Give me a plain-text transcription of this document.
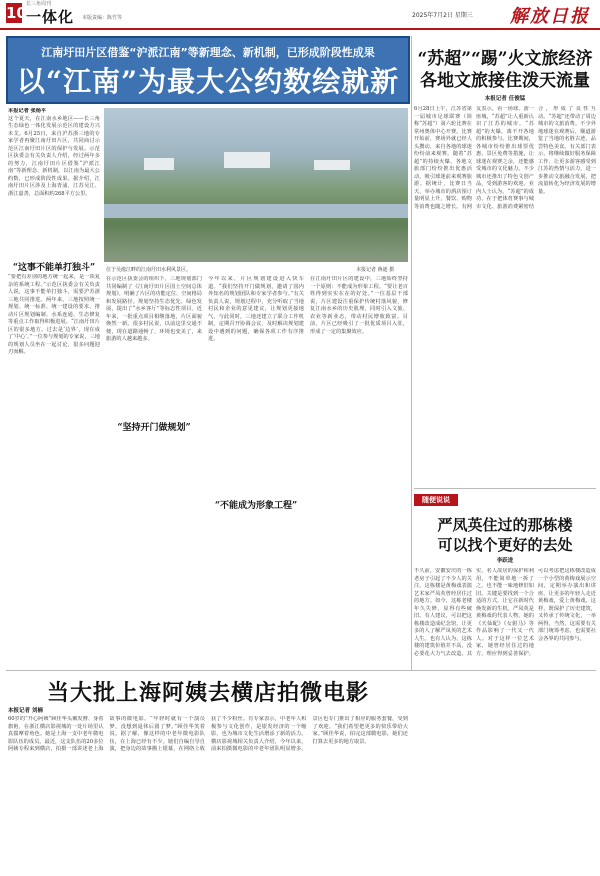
10 长三角周刊
一体化 本版责编：陈竹等	2025年7月2日 星期三 解放日报
江南圩田片区借鉴“沪派江南”等新理念、新机制，已形成阶段性成果
以“江南”为最大公约数绘就新
位于吴淞江畔的江南圩田水利风景区。	本报记者 蒋迪 摄
本报记者 张杨平
这个夏天，在江南水乡地区——长三角生态绿色一体化发展示范区的建设方兴未艾。6月25日，来自沪苏浙三地的专家学者再聚江南圩田片区，共同商讨示范区江南圩田片区的保护与发展。示范区执委会有关负责人介绍，经过两年多的努力，江南圩田片区借鉴“沪派江南”等新理念、新机制，以江南为最大公约数，已形成阶段性成果。据介绍，江南圩田片区涉及上海青浦、江苏吴江、浙江嘉善，总面积约268平方公里。
“这事不能单打独斗”
“要把有差别的地方统一起来，是一项复杂的系统工程。”示范区执委会有关负责人说，这事不能单打独斗，需要沪苏浙三地共同推进。两年来，三地按照统一规划、统一标准、统一建设的要求，推动片区规划编制、水系连通、生态修复等重点工作取得积极进展。“江南圩田片区的很多地方，过去是‘边界’，现在成了‘中心’。”一位参与规划的专家说，三地的规划人员坐在一起讨论，很多问题迎刃而解。
在示范区执委会的组织下，三地规划部门共同编制了《江南圩田片区国土空间总体规划》，明确了片区的功能定位、空间格局和发展路径。规划坚持生态优先、绿色发展，提出了“水乡客厅”等标志性项目。近年来，一批重点项目相继落地，片区面貌焕然一新。很多村民说，以前这里交通不便，现在道路通畅了，环境也变美了，来旅游的人越来越多。
“坚持开门做规划”
今年以来，片区规划建设进入快车道。“我们坚持开门做规划，邀请了国内外知名的规划团队和专家学者参与。”有关负责人说，规划过程中，充分听取了当地村民和企业的意见建议，让规划更接地气。与此同时，三地还建立了联合工作机制，定期召开协调会议，及时解决规划建设中遇到的问题，确保各项工作有序推进。
“不能成为形象工程”
在江南圩田片区的建设中，三地始终坚持一个原则：不能成为形象工程。“要让老百姓得到实实在在的好处。”一位基层干部说，片区建设注重保护传统村落风貌，修复江南水乡的历史肌理，同时引入文旅、农业等新业态，带动村民增收致富。目前，片区已经吸引了一批优质项目入驻，形成了一定的集聚效应。
“苏超”“踢”火文旅经济
各地文旅接住泼天流量
本报记者 任俊锰
6月28日上午，江苏省第一届城市足球联赛（简称“苏超”）第六轮比赛在常州奥体中心开赛。比赛开始前，赛场外就已经人头攒动，来自各地的球迷纷纷前来观赛。随着“苏超”的持续火爆，各地文旅部门纷纷推出优惠活动，吸引球迷前来观赛旅游。据统计，比赛日当天，举办城市的酒店预订量明显上升，餐饮、购物等消费也随之增长。有网友表示，看一场球，游一座城，“苏超”让人重新认识了江苏的城市。“苏超”的火爆，离不开各地的积极参与。比赛期间，各城市纷纷推出球票优惠、景区免费等措施，让球迷在观赛之余，还能感受城市的文化魅力。不少城市还推出了特色文创产品，受到游客的欢迎。业内人士认为，“苏超”的成功，在于把体育赛事与城市文化、旅游消费紧密结合，形成了良性互动。“苏超”还带动了周边城市的文旅消费。不少外地球迷在观赛后，顺道游览了当地的名胜古迹，品尝特色美食。有关部门表示，将继续做好服务保障工作，让更多游客感受到江苏的热情与活力，进一步推动文旅融合发展，把流量转化为经济发展的增量。
随便说说
严凤英住过的那栋楼
可以找个更好的去处
李跃进
不久前，安徽安庆的一栋老房子引起了不少人的关注。这栋楼是黄梅戏表演艺术家严凤英曾经居住过的地方。如今，这栋老楼年久失修，显得有些破旧。有人建议，可以把这栋楼改造成纪念馆，让更多的人了解严凤英的艺术人生。也有人认为，这栋楼的建筑价值并不高，没必要花大力气去改造。其实，名人故居的保护和利用，不能简单地一拆了之，也不能一味地修旧如旧。关键是要找到一个合适的方式，让它在新时代焕发新的生机。严凤英是黄梅戏的代表人物，她的《天仙配》《女驸马》等作品影响了一代又一代人。对于这样一位艺术家，她曾经居住过的地方，理应得到妥善保护。可以考虑把这栋楼改造成一个小型的黄梅戏展示空间，定期举办演出和讲座，让更多的年轻人走近黄梅戏，爱上黄梅戏。这样，既保护了历史建筑，又传承了传统文化，一举两得。当然，这需要有关部门统筹考虑，也需要社会各界的共同参与。
当大批上海阿姨去横店拍微电影
本报记者 刘楠
60岁的“开心阿姨”顾佳华头戴发簪、身着旗袍，在浙江横店影视城的一处片场里认真揣摩着角色。她是上海一支中老年微电影队伍的成员。最近，这支队伍的20多位阿姨专程来到横店，拍摄一部讲述老上海故事的微电影。“年轻时就有一个演员梦，没想到退休后圆了梦。”顾佳华笑着说。据了解，像这样的中老年微电影队伍，在上海已经有不少。她们自编自导自演，把身边的故事搬上银幕，在网络上收获了不少粉丝。有专家表示，中老年人积极参与文化创作，是银发经济的一个缩影，也为城市文化生活增添了新的活力。横店影视城相关负责人介绍，今年以来，前来拍摄微电影的中老年团队明显增多，景区也专门推出了相应的服务套餐，受到了欢迎。“我们希望把更多的快乐带给大家。”顾佳华说，拍完这部微电影，她们还打算去更多的地方取景。
